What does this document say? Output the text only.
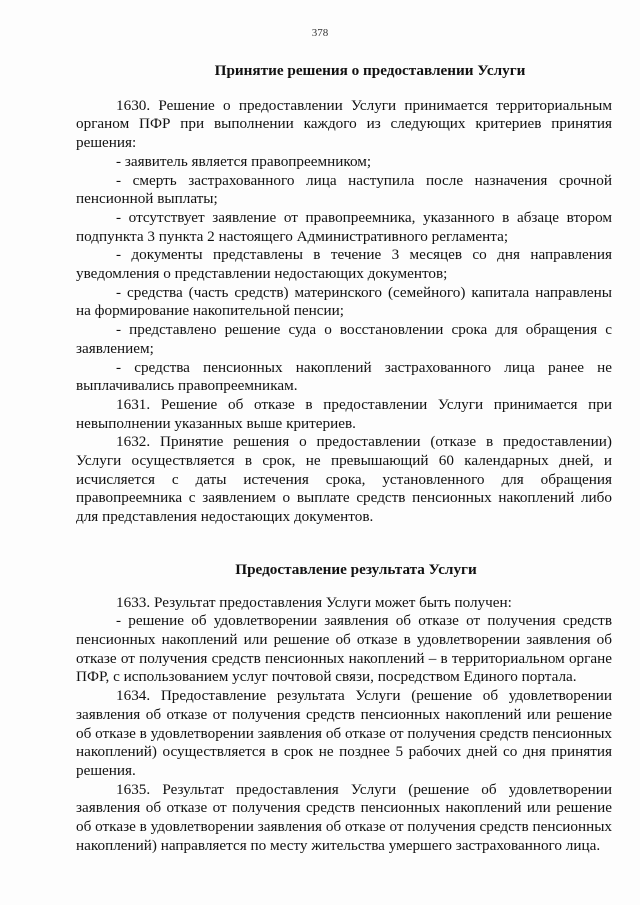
378

Принятие решения о предоставлении Услуги

1630. Решение о предоставлении Услуги принимается территориальным органом ПФР при выполнении каждого из следующих критериев принятия решения:

- заявитель является правопреемником;

- смерть застрахованного лица наступила после назначения срочной пенсионной выплаты;

- отсутствует заявление от правопреемника, указанного в абзаце втором подпункта 3 пункта 2 настоящего Административного регламента;

- документы представлены в течение 3 месяцев со дня направления уведомления о представлении недостающих документов;

- средства (часть средств) материнского (семейного) капитала направлены на формирование накопительной пенсии;

- представлено решение суда о восстановлении срока для обращения с заявлением;

- средства пенсионных накоплений застрахованного лица ранее не выплачивались правопреемникам.

1631. Решение об отказе в предоставлении Услуги принимается при невыполнении указанных выше критериев.

1632. Принятие решения о предоставлении (отказе в предоставлении) Услуги осуществляется в срок, не превышающий 60 календарных дней, и исчисляется с даты истечения срока, установленного для обращения правопреемника с заявлением о выплате средств пенсионных накоплений либо для представления недостающих документов.

Предоставление результата Услуги

1633. Результат предоставления Услуги может быть получен:

- решение об удовлетворении заявления об отказе от получения средств пенсионных накоплений или решение об отказе в удовлетворении заявления об отказе от получения средств пенсионных накоплений – в территориальном органе ПФР, с использованием услуг почтовой связи, посредством Единого портала.

1634. Предоставление результата Услуги (решение об удовлетворении заявления об отказе от получения средств пенсионных накоплений или решение об отказе в удовлетворении заявления об отказе от получения средств пенсионных накоплений) осуществляется в срок не позднее 5 рабочих дней со дня принятия решения.

1635. Результат предоставления Услуги (решение об удовлетворении заявления об отказе от получения средств пенсионных накоплений или решение об отказе в удовлетворении заявления об отказе от получения средств пенсионных накоплений) направляется по месту жительства умершего застрахованного лица.
